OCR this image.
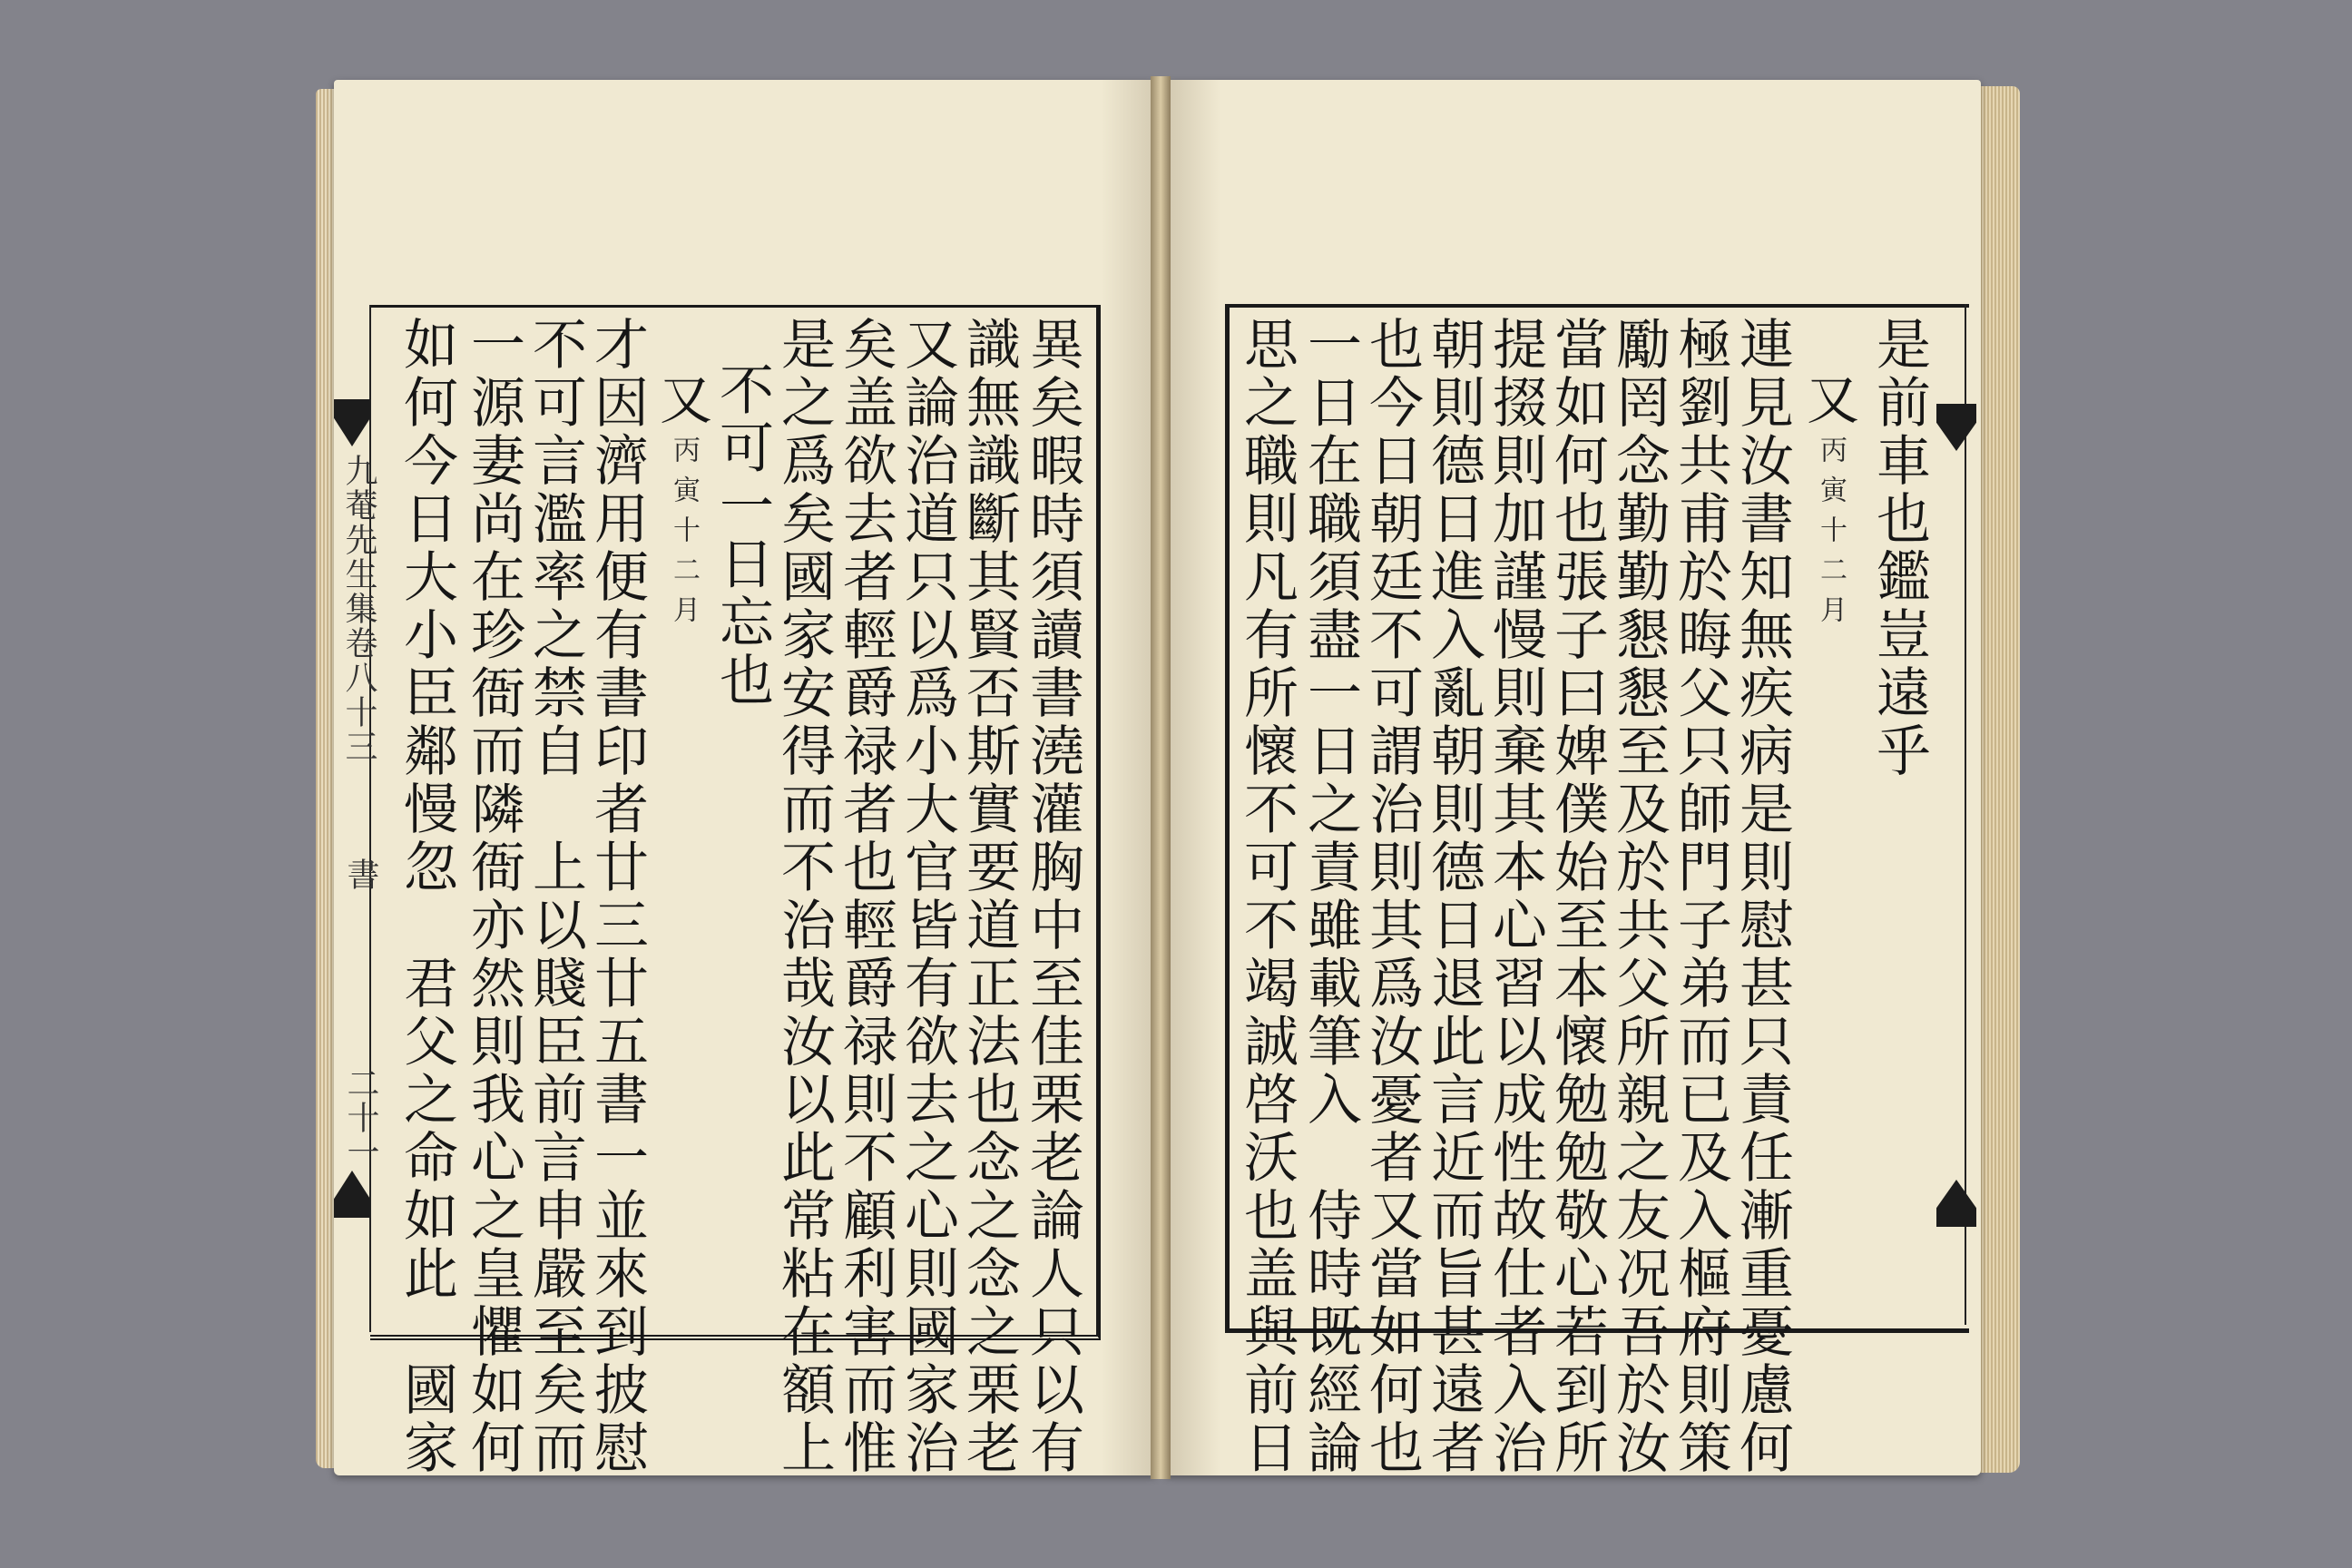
九菴先生集卷八十三
書
二十一	異矣暇時須讀書澆灌胸中至佳栗老論人只以有
識無識斷其賢否斯實要道正法也念之念之栗老
又論治道只以爲小大官皆有欲去之心則國家治
矣盖欲去者輕爵禄者也輕爵禄則不顧利害而惟
是之爲矣國家安得而不治哉汝以此常粘在額上
不可一日忘也
又
丙寅十二月
才因濟用便有書印者廿三廿五書一並來到披慰
不可言濫率之禁自　上以賤臣前言申嚴至矣而
一源妻尚在珍衙而隣衙亦然則我心之皇懼如何
如何今日大小臣鄰慢忽　君父之命如此　國家	是前車也鑑豈遠乎
又
丙寅十二月
連見汝書知無疾病是則慰甚只責任漸重憂慮何
極劉共甫於晦父只師門子弟而已及入樞府則策
勵罔念勤勤懇懇至及於共父所親之友况吾於汝
當如何也張子曰婢僕始至本懷勉勉敬心若到所
提掇則加謹慢則棄其本心習以成性故仕者入治
朝則德日進入亂朝則德日退此言近而旨甚遠者
也今日朝廷不可謂治則其爲汝憂者又當如何也
一日在職須盡一日之責雖載筆入　侍時既經論
思之職則凡有所懷不可不竭誠啓沃也盖與前日
